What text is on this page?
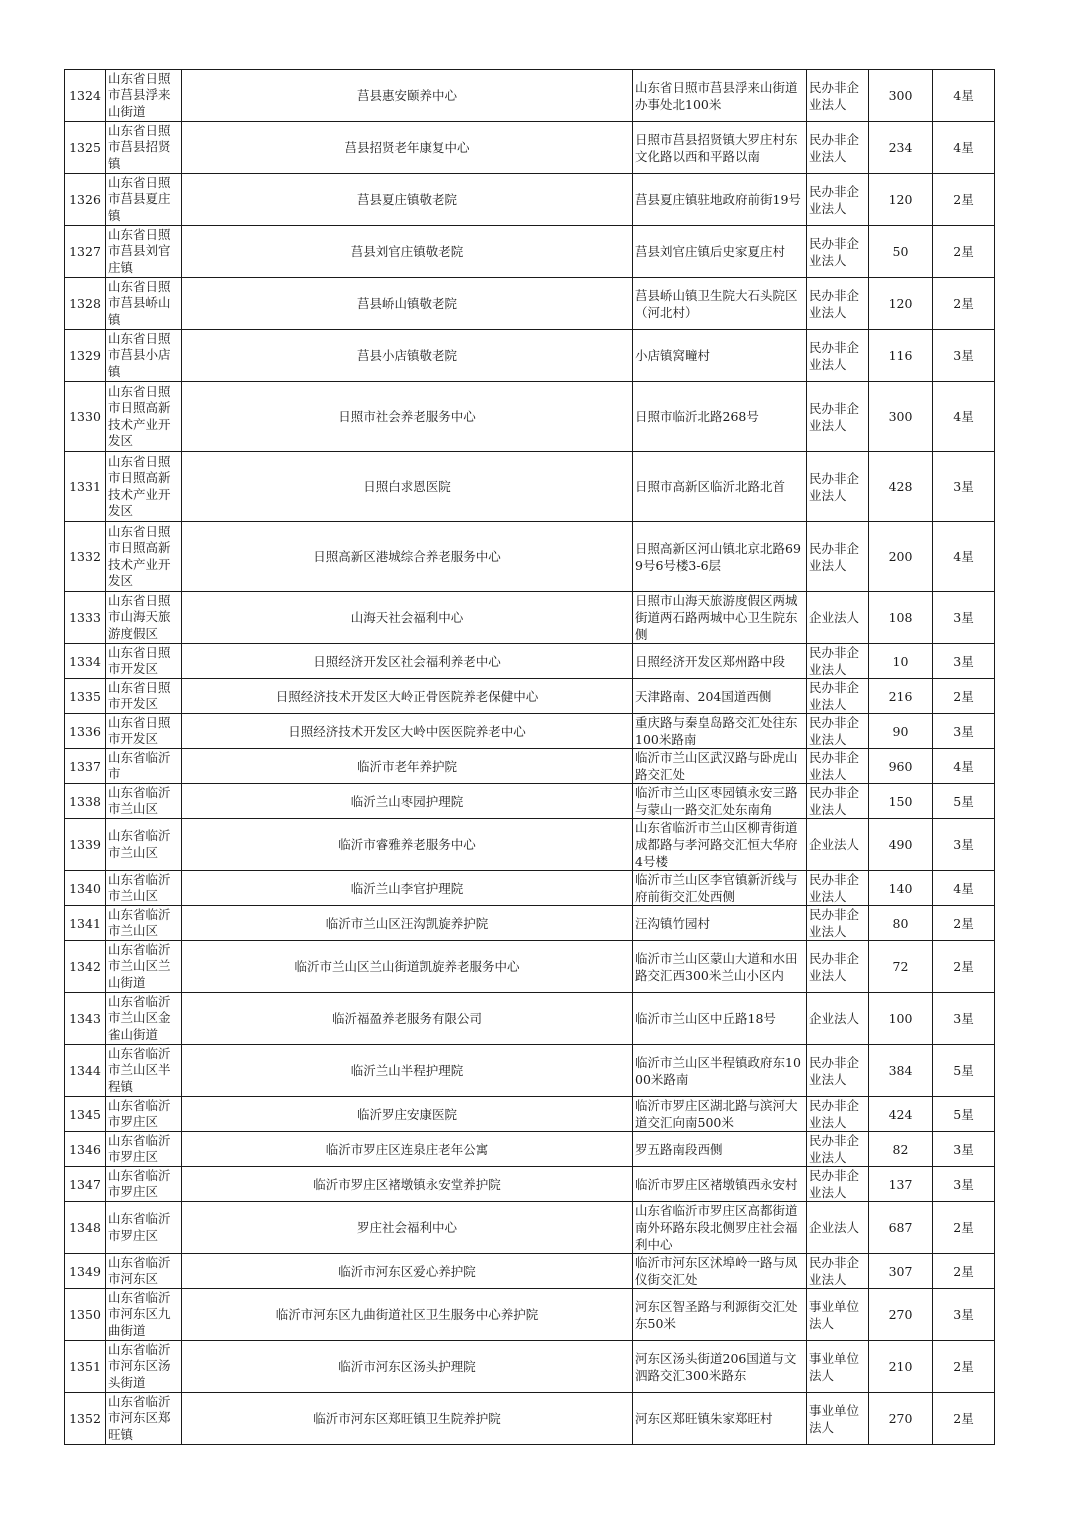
1324	山东省日照市莒县浮来山街道	莒县惠安颐养中心	山东省日照市莒县浮来山街道办事处北100米	民办非企业法人	300	4星
1325	山东省日照市莒县招贤镇	莒县招贤老年康复中心	日照市莒县招贤镇大罗庄村东文化路以西和平路以南	民办非企业法人	234	4星
1326	山东省日照市莒县夏庄镇	莒县夏庄镇敬老院	莒县夏庄镇驻地政府前街19号	民办非企业法人	120	2星
1327	山东省日照市莒县刘官庄镇	莒县刘官庄镇敬老院	莒县刘官庄镇后史家夏庄村	民办非企业法人	50	2星
1328	山东省日照市莒县峤山镇	莒县峤山镇敬老院	莒县峤山镇卫生院大石头院区（河北村）	民办非企业法人	120	2星
1329	山东省日照市莒县小店镇	莒县小店镇敬老院	小店镇窝疃村	民办非企业法人	116	3星
1330	山东省日照市日照高新技术产业开发区	日照市社会养老服务中心	日照市临沂北路268号	民办非企业法人	300	4星
1331	山东省日照市日照高新技术产业开发区	日照白求恩医院	日照市高新区临沂北路北首	民办非企业法人	428	3星
1332	山东省日照市日照高新技术产业开发区	日照高新区港城综合养老服务中心	日照高新区河山镇北京北路699号6号楼3-6层	民办非企业法人	200	4星
1333	山东省日照市山海天旅游度假区	山海天社会福利中心	日照市山海天旅游度假区两城街道两石路两城中心卫生院东侧	企业法人	108	3星
1334	山东省日照市开发区	日照经济开发区社会福利养老中心	日照经济开发区郑州路中段	民办非企业法人	10	3星
1335	山东省日照市开发区	日照经济技术开发区大岭正骨医院养老保健中心	天津路南、204国道西侧	民办非企业法人	216	2星
1336	山东省日照市开发区	日照经济技术开发区大岭中医医院养老中心	重庆路与秦皇岛路交汇处往东100米路南	民办非企业法人	90	3星
1337	山东省临沂市	临沂市老年养护院	临沂市兰山区武汉路与卧虎山路交汇处	民办非企业法人	960	4星
1338	山东省临沂市兰山区	临沂兰山枣园护理院	临沂市兰山区枣园镇永安三路与蒙山一路交汇处东南角	民办非企业法人	150	5星
1339	山东省临沂市兰山区	临沂市睿雅养老服务中心	山东省临沂市兰山区柳青街道成都路与孝河路交汇恒大华府4号楼	企业法人	490	3星
1340	山东省临沂市兰山区	临沂兰山李官护理院	临沂市兰山区李官镇新沂线与府前街交汇处西侧	民办非企业法人	140	4星
1341	山东省临沂市兰山区	临沂市兰山区汪沟凯旋养护院	汪沟镇竹园村	民办非企业法人	80	2星
1342	山东省临沂市兰山区兰山街道	临沂市兰山区兰山街道凯旋养老服务中心	临沂市兰山区蒙山大道和水田路交汇西300米兰山小区内	民办非企业法人	72	2星
1343	山东省临沂市兰山区金雀山街道	临沂福盈养老服务有限公司	临沂市兰山区中丘路18号	企业法人	100	3星
1344	山东省临沂市兰山区半程镇	临沂兰山半程护理院	临沂市兰山区半程镇政府东1000米路南	民办非企业法人	384	5星
1345	山东省临沂市罗庄区	临沂罗庄安康医院	临沂市罗庄区湖北路与滨河大道交汇向南500米	民办非企业法人	424	5星
1346	山东省临沂市罗庄区	临沂市罗庄区连泉庄老年公寓	罗五路南段西侧	民办非企业法人	82	3星
1347	山东省临沂市罗庄区	临沂市罗庄区褚墩镇永安堂养护院	临沂市罗庄区褚墩镇西永安村	民办非企业法人	137	3星
1348	山东省临沂市罗庄区	罗庄社会福利中心	山东省临沂市罗庄区高都街道南外环路东段北侧罗庄社会福利中心	企业法人	687	2星
1349	山东省临沂市河东区	临沂市河东区爱心养护院	临沂市河东区沭埠岭一路与凤仪街交汇处	民办非企业法人	307	2星
1350	山东省临沂市河东区九曲街道	临沂市河东区九曲街道社区卫生服务中心养护院	河东区智圣路与利源街交汇处东50米	事业单位法人	270	3星
1351	山东省临沂市河东区汤头街道	临沂市河东区汤头护理院	河东区汤头街道206国道与文泗路交汇300米路东	事业单位法人	210	2星
1352	山东省临沂市河东区郑旺镇	临沂市河东区郑旺镇卫生院养护院	河东区郑旺镇朱家郑旺村	事业单位法人	270	2星
